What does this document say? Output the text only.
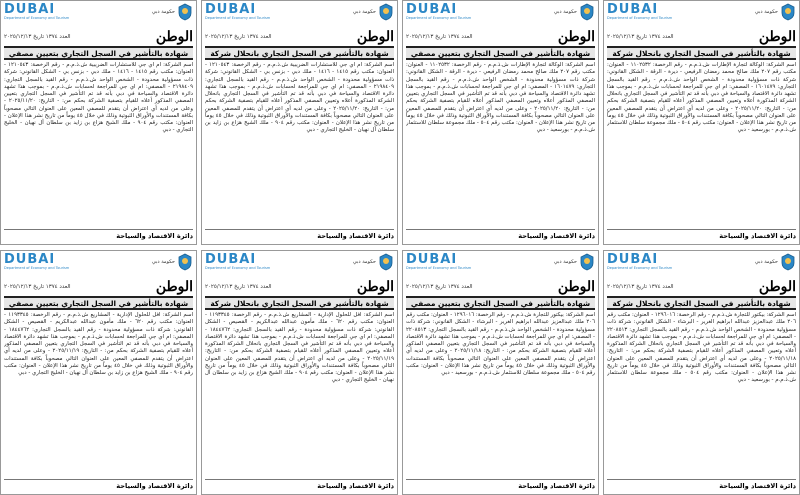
DUBAI
Department of Economy and Tourism
حكومة دبي
الوطن
العدد ١٣٧٤ تاريخ ٢٠٢٥/١٢/١٣
شهادة بالتأشير في السجل التجاري بانحلال شركة
اسم الشركة: الوكالة لتجارة الإطارات ش.ذ.م.م - رقم الرخصة: ١١٠٢٥٣٢ - العنوان: مكتب رقم ٢٠٧ ملك صالح محمد رمضان الرفيعي - ديرة - الرقة - الشكل القانوني: شركة ذات مسؤولية محدودة - الشخص الواحد ش.ذ.م.م - رقم القيد بالسجل التجاري: ١٦٠١٤٧٩ - المصفي: ام اي جي للمراجعة لحسابات ش.ذ.م.م - بموجب هذا تشهد دائرة الاقتصاد والسياحة في دبي بأنه قد تم التأشير في السجل التجاري بانحلال الشركة المذكورة أعلاه وتعيين المصفي المذكور أعلاه للقيام بتصفية الشركة بحكم من: - التاريخ: ٢٠٢٥/١١/٢٠ - وعلى من لديه أي اعتراض أن يتقدم للمصفي المعين على العنوان التالي مصحوباً بكافة المستندات والأوراق الثبوتية وذلك في خلال ٤٥ يوماً من تاريخ نشر هذا الإعلان - العنوان: مكتب رقم ٥٠٤ - ملك مجموعة سلطان للاستثمار ش.ذ.م.م - بورسعيد - دبي
دائرة الاقتصاد والسياحة
DUBAI
Department of Economy and Tourism
حكومة دبي
الوطن
العدد ١٣٧٤ تاريخ ٢٠٢٥/١٢/١٣
شهادة بالتأشير في السجل التجاري بتعيين مصفي
اسم الشركة: الوكالة لتجارة الإطارات ش.ذ.م.م - رقم الرخصة: ١١٠٢٥٣٢ - العنوان: مكتب رقم ٢٠٧ ملك صالح محمد رمضان الرفيعي - ديرة - الرقة - الشكل القانوني: شركة ذات مسؤولية محدودة - الشخص الواحد ش.ذ.م.م - رقم القيد بالسجل التجاري: ١٦٠١٤٧٩ - المصفي: ام اي جي للمراجعة لحسابات ش.ذ.م.م - بموجب هذا تشهد دائرة الاقتصاد والسياحة في دبي بأنه قد تم التأشير في السجل التجاري بتعيين المصفي المذكور أعلاه وتعيين المصفي المذكور أعلاه للقيام بتصفية الشركة بحكم من: - التاريخ: ٢٠٢٥/١١/٢٠ - وعلى من لديه أي اعتراض أن يتقدم للمصفي المعين على العنوان التالي مصحوباً بكافة المستندات والأوراق الثبوتية وذلك في خلال ٤٥ يوماً من تاريخ نشر هذا الإعلان - العنوان: مكتب رقم ٥٠٤ - ملك مجموعة سلطان للاستثمار ش.ذ.م.م - بورسعيد - دبي
دائرة الاقتصاد والسياحة
DUBAI
Department of Economy and Tourism
حكومة دبي
الوطن
العدد ١٣٧٤ تاريخ ٢٠٢٥/١٢/١٣
شهادة بالتأشير في السجل التجاري بانحلال شركة
اسم الشركة: ام اي جي للاستشارات الضريبية ش.ذ.م.م - رقم الرخصة: ١٢١٠٥٤٣ - العنوان: مكتب رقم ١٤١٥ - ١٤١٦ - ملك دبي - بزنس بي - الشكل القانوني: شركة ذات مسؤولية محدودة - الشخص الواحد ش.ذ.م.م - رقم القيد بالسجل التجاري: ٢١٩٨٤٠٩ - المصفي: ام اي جي للمراجعة لحسابات ش.ذ.م.م - بموجب هذا تشهد دائرة الاقتصاد والسياحة في دبي بأنه قد تم التأشير في السجل التجاري بانحلال الشركة المذكورة أعلاه وتعيين المصفي المذكور أعلاه للقيام بتصفية الشركة بحكم من: - التاريخ: ٢٠٢٥/١١/٢٠ - وعلى من لديه أي اعتراض أن يتقدم للمصفي المعين على العنوان التالي مصحوباً بكافة المستندات والأوراق الثبوتية وذلك في خلال ٤٥ يوماً من تاريخ نشر هذا الإعلان - العنوان: مكتب رقم ٩٠٤ - ملك الشيخ هزاع بن زايد بن سلطان آل نهيان - الخليج التجاري - دبي
دائرة الاقتصاد والسياحة
DUBAI
Department of Economy and Tourism
حكومة دبي
الوطن
العدد ١٣٧٤ تاريخ ٢٠٢٥/١٢/١٣
شهادة بالتأشير في السجل التجاري بتعيين مصفي
اسم الشركة: ام اي جي للاستشارات الضريبية ش.ذ.م.م - رقم الرخصة: ١٢١٠٥٤٣ - العنوان: مكتب رقم ١٤١٥ - ١٤١٦ - ملك دبي - بزنس بي - الشكل القانوني: شركة ذات مسؤولية محدودة - الشخص الواحد ش.ذ.م.م - رقم القيد بالسجل التجاري: ٢١٩٨٤٠٩ - المصفي: ام اي جي للمراجعة لحسابات ش.ذ.م.م - بموجب هذا تشهد دائرة الاقتصاد والسياحة في دبي بأنه قد تم التأشير في السجل التجاري بتعيين المصفي المذكور أعلاه للقيام بتصفية الشركة بحكم من: - التاريخ: ٢٠٢٥/١١/٢٠ - وعلى من لديه أي اعتراض أن يتقدم للمصفي المعين على العنوان التالي مصحوباً بكافة المستندات والأوراق الثبوتية وذلك في خلال ٤٥ يوماً من تاريخ نشر هذا الإعلان - العنوان: مكتب رقم ٩٠٤ - ملك الشيخ هزاع بن زايد بن سلطان آل نهيان - الخليج التجاري - دبي
دائرة الاقتصاد والسياحة
DUBAI
Department of Economy and Tourism
حكومة دبي
الوطن
العدد ١٣٧٤ تاريخ ٢٠٢٥/١٢/١٣
شهادة بالتأشير في السجل التجاري بانحلال شركة
اسم الشركة: بيكتور للتجارة ش.ذ.م.م - رقم الرخصة: ١٢٩٦٠١٦ - العنوان: مكتب رقم ٢٠٦ ملك عبدالعزيز عبدالله ابراهيم الغرير - البرشاء - الشكل القانوني: شركة ذات مسؤولية محدودة - الشخص الواحد ش.ذ.م.م - رقم القيد بالسجل التجاري: ٢٢٠٨٥١٣ - المصفي: ام اي جي للمراجعة لحسابات ش.ذ.م.م - بموجب هذا تشهد دائرة الاقتصاد والسياحة في دبي بأنه قد تم التأشير في السجل التجاري بانحلال الشركة المذكورة أعلاه وتعيين المصفي المذكور أعلاه للقيام بتصفية الشركة بحكم من: - التاريخ: ٢٠٢٥/١١/١٨ - وعلى من لديه أي اعتراض أن يتقدم للمصفي المعين على العنوان التالي مصحوباً بكافة المستندات والأوراق الثبوتية وذلك في خلال ٤٥ يوماً من تاريخ نشر هذا الإعلان - العنوان: مكتب رقم ٥٠٤ - ملك مجموعة سلطان للاستثمار ش.ذ.م.م - بورسعيد - دبي
دائرة الاقتصاد والسياحة
DUBAI
Department of Economy and Tourism
حكومة دبي
الوطن
العدد ١٣٧٤ تاريخ ٢٠٢٥/١٢/١٣
شهادة بالتأشير في السجل التجاري بتعيين مصفي
اسم الشركة: بيكتور للتجارة ش.ذ.م.م - رقم الرخصة: ١٢٩٦٠١٦ - العنوان: مكتب رقم ٢٠٦ ملك عبدالعزيز عبدالله ابراهيم الغرير - البرشاء - الشكل القانوني: شركة ذات مسؤولية محدودة - الشخص الواحد ش.ذ.م.م - رقم القيد بالسجل التجاري: ٢٢٠٨٥١٣ - المصفي: ام اي جي للمراجعة لحسابات ش.ذ.م.م - بموجب هذا تشهد دائرة الاقتصاد والسياحة في دبي بأنه قد تم التأشير في السجل التجاري بتعيين المصفي المذكور أعلاه للقيام بتصفية الشركة بحكم من: - التاريخ: ٢٠٢٥/١١/١٨ - وعلى من لديه أي اعتراض أن يتقدم للمصفي المعين على العنوان التالي مصحوباً بكافة المستندات والأوراق الثبوتية وذلك في خلال ٤٥ يوماً من تاريخ نشر هذا الإعلان - العنوان: مكتب رقم ٥٠٤ - ملك مجموعة سلطان للاستثمار ش.ذ.م.م - بورسعيد - دبي
دائرة الاقتصاد والسياحة
DUBAI
Department of Economy and Tourism
حكومة دبي
الوطن
العدد ١٣٧٤ تاريخ ٢٠٢٥/١٢/١٣
شهادة بالتأشير في السجل التجاري بانحلال شركة
اسم الشركة: آفل للحلول الإدارية - المشاريع ش.ذ.م.م - رقم الرخصة: ١١٩٣٣٤٥ - العنوان: مكتب رقم ٦٢٠ - ملك مأمون عبدالله عبدالكريم - القصيص - الشكل القانوني: شركة ذات مسؤولية محدودة - رقم القيد بالسجل التجاري: ١٨٤٤٧٦٢ - المصفي: ام اي جي للمراجعة لحسابات ش.ذ.م.م - بموجب هذا تشهد دائرة الاقتصاد والسياحة في دبي بأنه قد تم التأشير في السجل التجاري بانحلال الشركة المذكورة أعلاه وتعيين المصفي المذكور أعلاه للقيام بتصفية الشركة بحكم من: - التاريخ: ٢٠٢٥/١١/١٩ - وعلى من لديه أي اعتراض أن يتقدم للمصفي المعين على العنوان التالي مصحوباً بكافة المستندات والأوراق الثبوتية وذلك في خلال ٤٥ يوماً من تاريخ نشر هذا الإعلان - العنوان: مكتب رقم ٩٠٤ - ملك الشيخ هزاع بن زايد بن سلطان آل نهيان - الخليج التجاري - دبي
دائرة الاقتصاد والسياحة
DUBAI
Department of Economy and Tourism
حكومة دبي
الوطن
العدد ١٣٧٤ تاريخ ٢٠٢٥/١٢/١٣
شهادة بالتأشير في السجل التجاري بتعيين مصفي
اسم الشركة: آفل للحلول الإدارية - المشاريع ش.ذ.م.م - رقم الرخصة: ١١٩٣٣٤٥ - العنوان: مكتب رقم ٦٢٠ - ملك مأمون عبدالله عبدالكريم - القصيص - الشكل القانوني: شركة ذات مسؤولية محدودة - رقم القيد بالسجل التجاري: ١٨٤٤٧٦٢ - المصفي: ام اي جي للمراجعة لحسابات ش.ذ.م.م - بموجب هذا تشهد دائرة الاقتصاد والسياحة في دبي بأنه قد تم التأشير في السجل التجاري بتعيين المصفي المذكور أعلاه للقيام بتصفية الشركة بحكم من: - التاريخ: ٢٠٢٥/١١/١٩ - وعلى من لديه أي اعتراض أن يتقدم للمصفي المعين على العنوان التالي مصحوباً بكافة المستندات والأوراق الثبوتية وذلك في خلال ٤٥ يوماً من تاريخ نشر هذا الإعلان - العنوان: مكتب رقم ٩٠٤ - ملك الشيخ هزاع بن زايد بن سلطان آل نهيان - الخليج التجاري - دبي
دائرة الاقتصاد والسياحة
